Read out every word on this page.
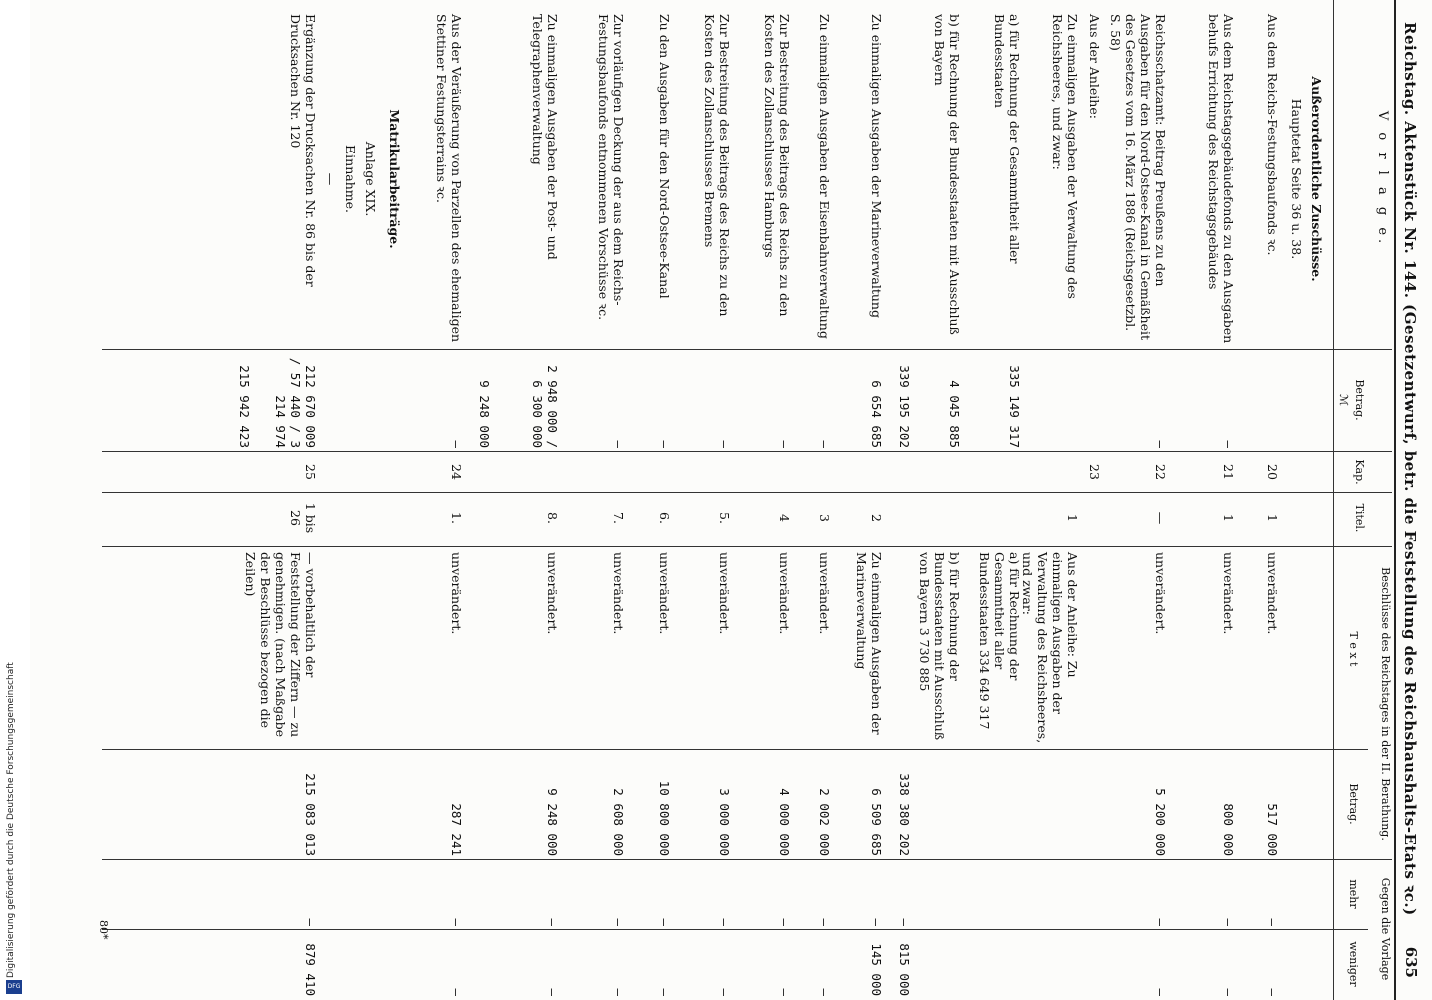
Digitalisierung gefördert durch die Deutsche Forschungsgemeinschaft
DFG
Reichstag. Aktenstück Nr. 144. (Gesetzentwurf, betr. die Feststellung des Reichshaushalts-Etats ꝛc.)
635
V o r l a g e.
Betrag.
ℳ
Kap.
Titel.
Beschlüsse des Reichstages in der II. Berathung.
T e x t
Betrag.
Gegen die Vorlage
mehr
weniger
Außerordentliche Zuschüsse.
Hauptetat Seite 36 u. 38.
Aus dem Reichs-Festungsbaufonds ꝛc.
20
1
unverändert.
517 000
—
—
Aus dem Reichstagsgebäudefonds zu den Ausgaben behufs Errichtung des Reichstagsgebäudes
—
21
1
unverändert.
800 000
—
—
Reichsschatzamt: Beitrag Preußens zu den Ausgaben für den Nord-Ostsee-Kanal in Gemäßheit des Gesetzes vom 16. März 1886 (Reichsgesetzbl. S. 58)
—
22
—
unverändert.
5 200 000
—
—
Aus der Anleihe:
23
Zu einmaligen Ausgaben der Verwaltung des Reichsheeres, und zwar:
1
Aus der Anleihe: Zu einmaligen Ausgaben der Verwaltung des Reichsheeres, und zwar:
a) für Rechnung der Gesammtheit aller Bundesstaaten
335 149 317
a) für Rechnung der Gesammtheit aller Bundesstaaten 334 649 317
b) für Rechnung der Bundesstaaten mit Ausschluß von Bayern
4 045 885
b) für Rechnung der Bundesstaaten mit Ausschluß von Bayern 3 730 885
339 195 202
338 380 202
—
815 000
Zu einmaligen Ausgaben der Marineverwaltung
6 654 685
2
Zu einmaligen Ausgaben der Marineverwaltung
6 509 685
—
145 000
Zu einmaligen Ausgaben der Eisenbahnverwaltung
—
3
unverändert.
2 002 000
—
—
Zur Bestreitung des Beitrags des Reichs zu den Kosten des Zollanschlusses Hamburgs
—
4
unverändert.
4 000 000
—
—
Zur Bestreitung des Beitrags des Reichs zu den Kosten des Zollanschlusses Bremens
—
5.
unverändert.
3 000 000
—
—
Zu den Ausgaben für den Nord-Ostsee-Kanal
—
6.
unverändert.
10 800 000
—
—
Zur vorläufigen Deckung der aus dem Reichs-Festungsbaufonds entnommenen Vorschüsse ꝛc.
—
7.
unverändert.
2 608 000
—
—
Zu einmaligen Ausgaben der Post- und Telegraphenverwaltung
2 948 000 / 6 300 000
8.
unverändert.
9 248 000
—
—
9 248 000
Aus der Veräußerung von Parzellen des ehemaligen Stettiner Festungsterrains ꝛc.
—
24
1.
unverändert.
287 241
—
—
Matrikularbeiträge.
Anlage XIX.
Einnahme.
—
Ergänzung der Drucksachen Nr. 86 bis der Drucksachen Nr. 120
212 670 009 / 57 440 / 3 214 974
25
1 bis 26
— vorbehaltlich der Feststellung der Ziffern — zu genehmigen. (nach Maßgabe der Beschlüsse bezogen die Zeilen)
215 083 013
—
879 410
215 942 423
80*
